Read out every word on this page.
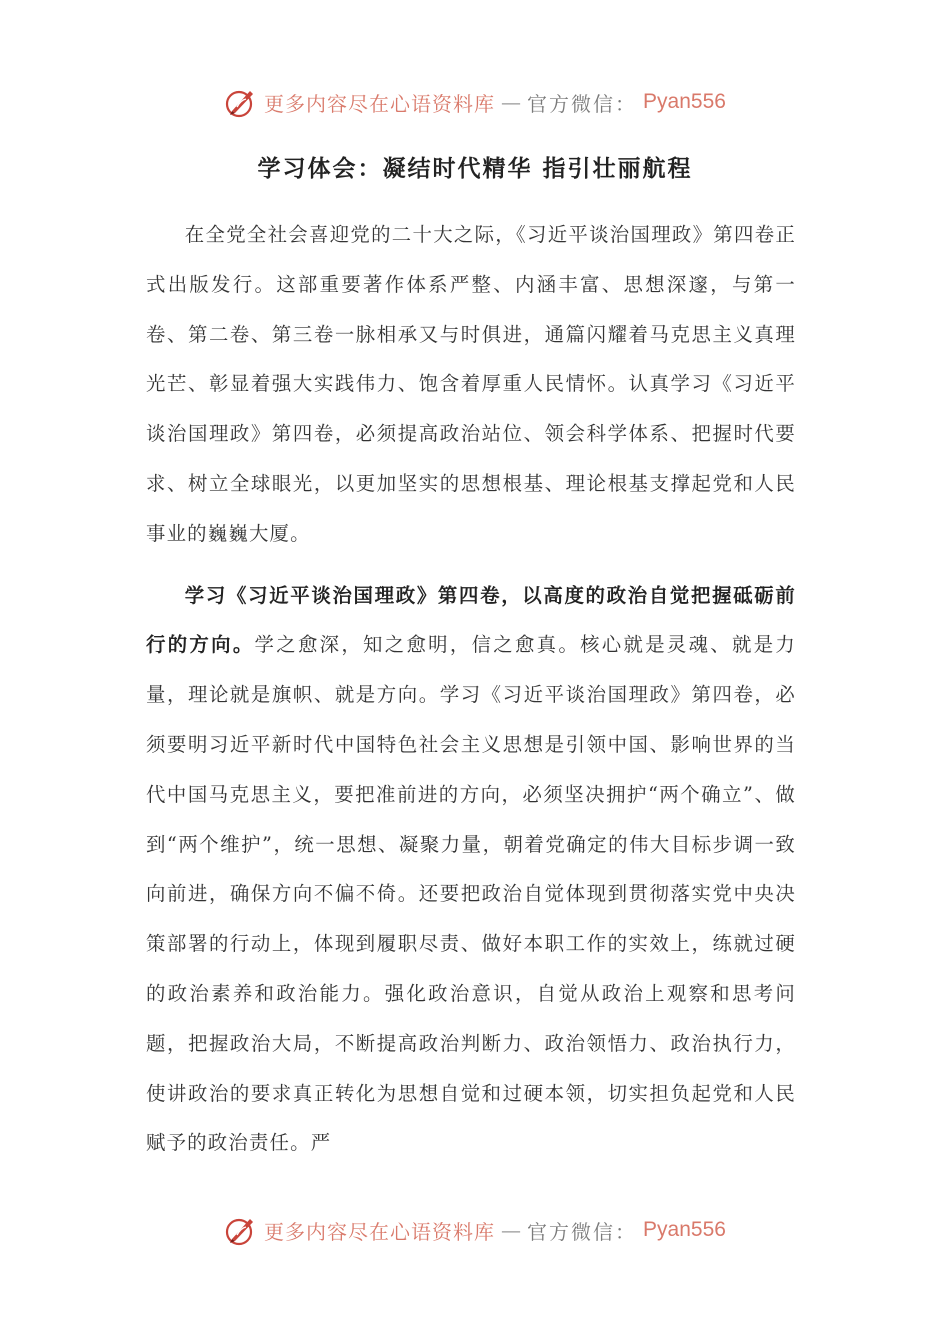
更多内容尽在心语资料库 — 官方微信： Pyan556
学习体会：凝结时代精华 指引壮丽航程

在全党全社会喜迎党的二十大之际，《习近平谈治国理政》第四卷正式出版发行。这部重要著作体系严整、内涵丰富、思想深邃，与第一卷、第二卷、第三卷一脉相承又与时俱进，通篇闪耀着马克思主义真理光芒、彰显着强大实践伟力、饱含着厚重人民情怀。认真学习《习近平谈治国理政》第四卷，必须提高政治站位、领会科学体系、把握时代要求、树立全球眼光，以更加坚实的思想根基、理论根基支撑起党和人民事业的巍巍大厦。

学习《习近平谈治国理政》第四卷，以高度的政治自觉把握砥砺前行的方向。学之愈深，知之愈明，信之愈真。核心就是灵魂、就是力量，理论就是旗帜、就是方向。学习《习近平谈治国理政》第四卷，必须要明习近平新时代中国特色社会主义思想是引领中国、影响世界的当代中国马克思主义，要把准前进的方向，必须坚决拥护“两个确立”、做到“两个维护”，统一思想、凝聚力量，朝着党确定的伟大目标步调一致向前进，确保方向不偏不倚。还要把政治自觉体现到贯彻落实党中央决策部署的行动上，体现到履职尽责、做好本职工作的实效上，练就过硬的政治素养和政治能力。强化政治意识，自觉从政治上观察和思考问题，把握政治大局，不断提高政治判断力、政治领悟力、政治执行力，使讲政治的要求真正转化为思想自觉和过硬本领，切实担负起党和人民赋予的政治责任。严

更多内容尽在心语资料库 — 官方微信： Pyan556
